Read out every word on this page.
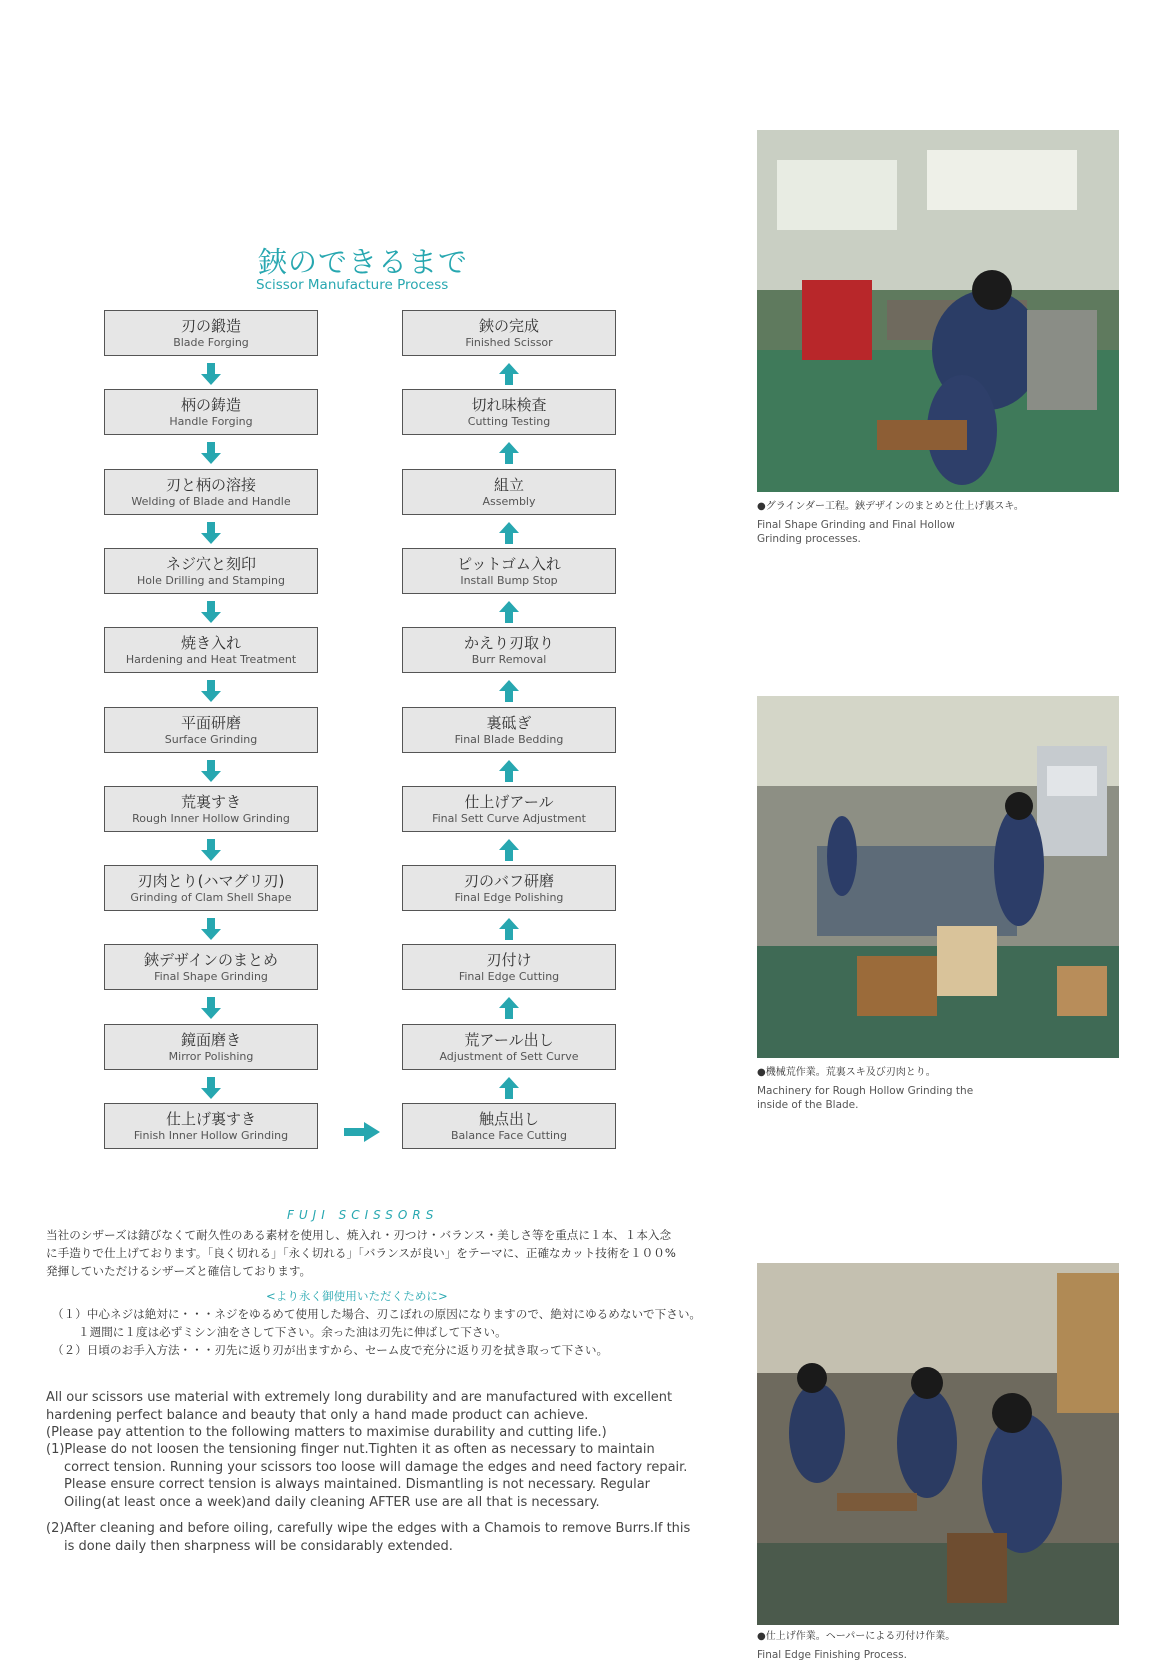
鋏のできるまで
Scissor Manufacture Process
刃の鍛造
Blade Forging
柄の鋳造
Handle Forging
刃と柄の溶接
Welding of Blade and Handle
ネジ穴と刻印
Hole Drilling and Stamping
焼き入れ
Hardening and Heat Treatment
平面研磨
Surface Grinding
荒裏すき
Rough Inner Hollow Grinding
刃肉とり(ハマグリ刃)
Grinding of Clam Shell Shape
鋏デザインのまとめ
Final Shape Grinding
鏡面磨き
Mirror Polishing
仕上げ裏すき
Finish Inner Hollow Grinding
鋏の完成
Finished Scissor
切れ味検査
Cutting Testing
組立
Assembly
ピットゴム入れ
Install Bump Stop
かえり刃取り
Burr Removal
裏砥ぎ
Final Blade Bedding
仕上げアール
Final Sett Curve Adjustment
刃のバフ研磨
Final Edge Polishing
刃付け
Final Edge Cutting
荒アール出し
Adjustment of Sett Curve
触点出し
Balance Face Cutting
●グラインダー工程。鋏デザインのまとめと仕上げ裏スキ。
Final Shape Grinding and Final Hollow Grinding processes.
●機械荒作業。荒裏スキ及び刃肉とり。
Machinery for Rough Hollow Grinding the inside of the Blade.
●仕上げ作業。ヘーパーによる刃付け作業。
Final Edge Finishing Process.
FUJI SCISSORS
当社のシザーズは錆びなくて耐久性のある素材を使用し、焼入れ・刃つけ・バランス・美しさ等を重点に１本、１本入念に手造りで仕上げております。「良く切れる」「永く切れる」「バランスが良い」をテーマに、正確なカット技術を１００%発揮していただけるシザーズと確信しております。
<より永く御使用いただくために>
（１）中心ネジは絶対に・・・ネジをゆるめて使用した場合、刃こぼれの原因になりますので、絶対にゆるめないで下さい。１週間に１度は必ずミシン油をさして下さい。余った油は刃先に伸ばして下さい。
（２）日頃のお手入方法・・・刃先に返り刃が出ますから、セーム皮で充分に返り刃を拭き取って下さい。
All our scissors use material with extremely long durability and are manufactured with excellent hardening perfect balance and beauty that only a hand made product can achieve.
(Please pay attention to the following matters to maximise durability and cutting life.)
(1)Please do not loosen the tensioning finger nut.Tighten it as often as necessary to maintain correct tension. Running your scissors too loose will damage the edges and need factory repair. Please ensure correct tension is always maintained. Dismantling is not necessary. Regular Oiling(at least once a week)and daily cleaning AFTER use are all that is necessary.
(2)After cleaning and before oiling, carefully wipe the edges with a Chamois to remove Burrs.If this is done daily then sharpness will be considarably extended.
